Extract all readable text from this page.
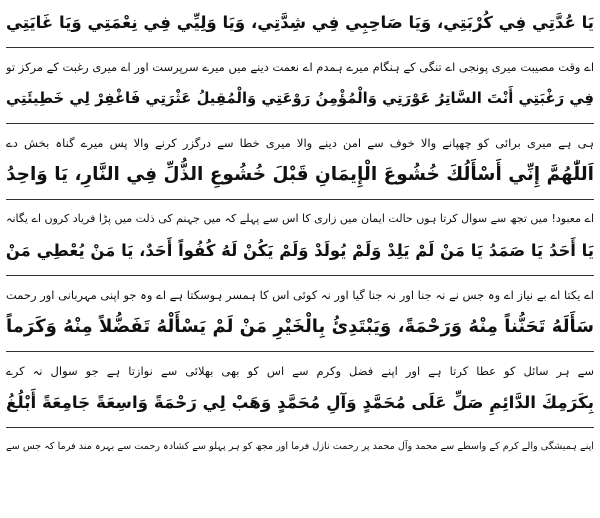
يَا عُدَّتِي فِي كُرْبَتِي، وَيَا صَاحِبِي فِي شِدَّتِي، وَيَا وَلِيِّي فِي نِعْمَتِي وَيَا غَايَتِي
اے وقت مصیبت میری پونجی اے تنگی کے ہنگام میرے ہمدم اے نعمت دینے میں میرے سرپرست اور اے میری رغبت کے مرکز تو
فِي رَغْبَتِي أَنْتَ السَّاتِرُ عَوْرَتِي وَالْمُؤْمِنُ رَوْعَتِي وَالْمُقِيلُ عَثْرَتِي فَاغْفِرْ لِي خَطِيئَتِي
ہی ہے میری برائی کو چھپانے والا خوف سے امن دینے والا میری خطا سے درگزر کرنے والا پس میرے گناہ بخش دے
اَللّٰهُمَّ إِنِّي أَسْأَلُكَ خُشُوعَ الْإِيمَانِ قَبْلَ خُشُوعِ الذُّلِّ فِي النَّارِ، يَا وَاحِدُ
اے معبود! میں تجھ سے سوال کرتا ہوں حالت ایمان میں زاری کا اس سے پہلے کہ میں جہنم کی ذلت میں پڑا فریاد کروں اے یگانہ
يَا أَحَدُ يَا صَمَدُ يَا مَنْ لَمْ يَلِدْ وَلَمْ يُولَدْ وَلَمْ يَكُنْ لَهُ كُفُواً أَحَدٌ، يَا مَنْ يُعْطِي مَنْ
اے یکتا اے بے نیاز اے وہ جس نے نہ جنا اور نہ جنا گیا اور نہ کوئی اس کا ہمسر ہوسکتا ہے اے وہ جو اپنی مہربانی اور رحمت
سَأَلَهُ تَحَنُّناً مِنْهُ وَرَحْمَةً، وَيَبْتَدِئُ بِالْخَيْرِ مَنْ لَمْ يَسْأَلْهُ تَفَضُّلاً مِنْهُ وَكَرَماً
سے ہر سائل کو عطا کرتا ہے اور اپنے فضل وکرم سے اس کو بھی بھلائی سے نوازتا ہے جو سوال نہ کرے
بِكَرَمِكَ الدَّائِمِ صَلِّ عَلَى مُحَمَّدٍ وَآلِ مُحَمَّدٍ وَهَبْ لِي رَحْمَةً وَاسِعَةً جَامِعَةً أَبْلُغُ
اپنے ہمیشگی والے کرم کے واسطے سے محمد وآل محمد پر رحمت نازل فرما اور مجھ کو ہر پہلو سے کشادہ رحمت سے بہرہ مند فرما کہ جس سے
